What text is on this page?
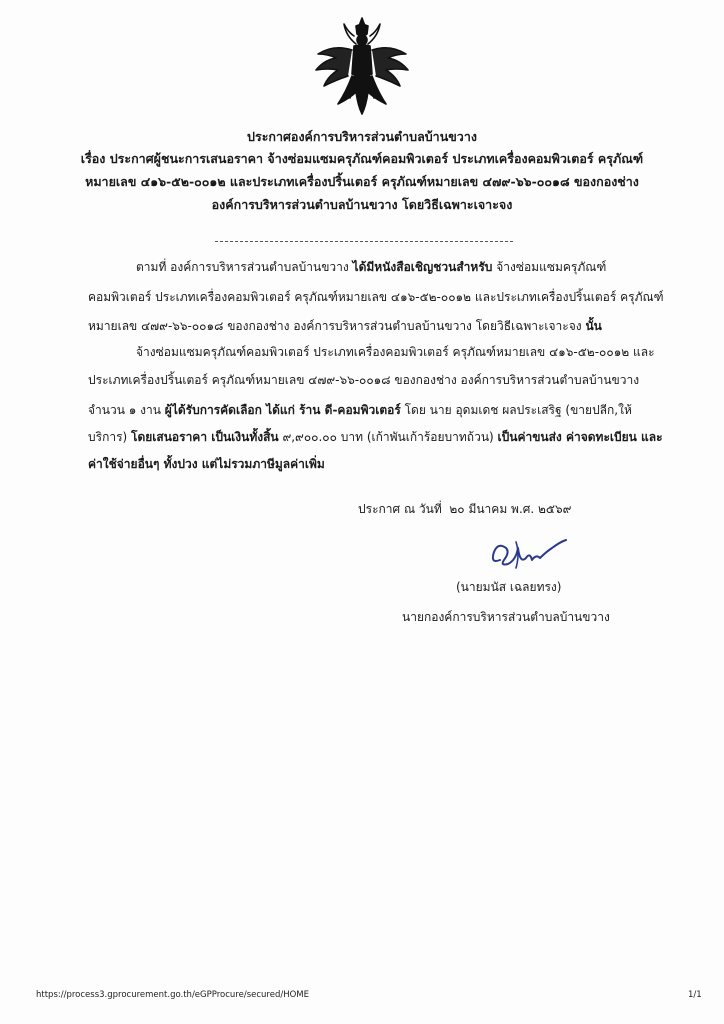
ประกาศองค์การบริหารส่วนตำบลบ้านขวาง
เรื่อง ประกาศผู้ชนะการเสนอราคา จ้างซ่อมแซมครุภัณฑ์คอมพิวเตอร์ ประเภทเครื่องคอมพิวเตอร์ ครุภัณฑ์
หมายเลข ๔๑๖-๕๒-๐๐๑๒ และประเภทเครื่องปริ้นเตอร์ ครุภัณฑ์หมายเลข ๔๗๙-๖๖-๐๐๑๘ ของกองช่าง
องค์การบริหารส่วนตำบลบ้านขวาง โดยวิธีเฉพาะเจาะจง
ตามที่ องค์การบริหารส่วนตำบลบ้านขวาง ได้มีหนังสือเชิญชวนสำหรับ จ้างซ่อมแซมครุภัณฑ์
คอมพิวเตอร์ ประเภทเครื่องคอมพิวเตอร์ ครุภัณฑ์หมายเลข ๔๑๖-๕๒-๐๐๑๒ และประเภทเครื่องปริ้นเตอร์ ครุภัณฑ์
หมายเลข ๔๗๙-๖๖-๐๐๑๘ ของกองช่าง องค์การบริหารส่วนตำบลบ้านขวาง โดยวิธีเฉพาะเจาะจง นั้น
จ้างซ่อมแซมครุภัณฑ์คอมพิวเตอร์ ประเภทเครื่องคอมพิวเตอร์ ครุภัณฑ์หมายเลข ๔๑๖-๕๒-๐๐๑๒ และ
ประเภทเครื่องปริ้นเตอร์ ครุภัณฑ์หมายเลข ๔๗๙-๖๖-๐๐๑๘ ของกองช่าง องค์การบริหารส่วนตำบลบ้านขวาง
จำนวน ๑ งาน ผู้ได้รับการคัดเลือก ได้แก่ ร้าน ดี-คอมพิวเตอร์ โดย นาย อุดมเดช ผลประเสริฐ (ขายปลีก,ให้
บริการ) โดยเสนอราคา เป็นเงินทั้งสิ้น ๙,๙๐๐.๐๐ บาท (เก้าพันเก้าร้อยบาทถ้วน) เป็นค่าขนส่ง ค่าจดทะเบียน และ
ค่าใช้จ่ายอื่นๆ ทั้งปวง แต่ไม่รวมภาษีมูลค่าเพิ่ม
ประกาศ ณ วันที่ ๒๐ มีนาคม พ.ศ. ๒๕๖๙
(นายมนัส เฉลยทรง)
นายกองค์การบริหารส่วนตำบลบ้านขวาง
https://process3.gprocurement.go.th/eGPProcure/secured/HOME	1/1
